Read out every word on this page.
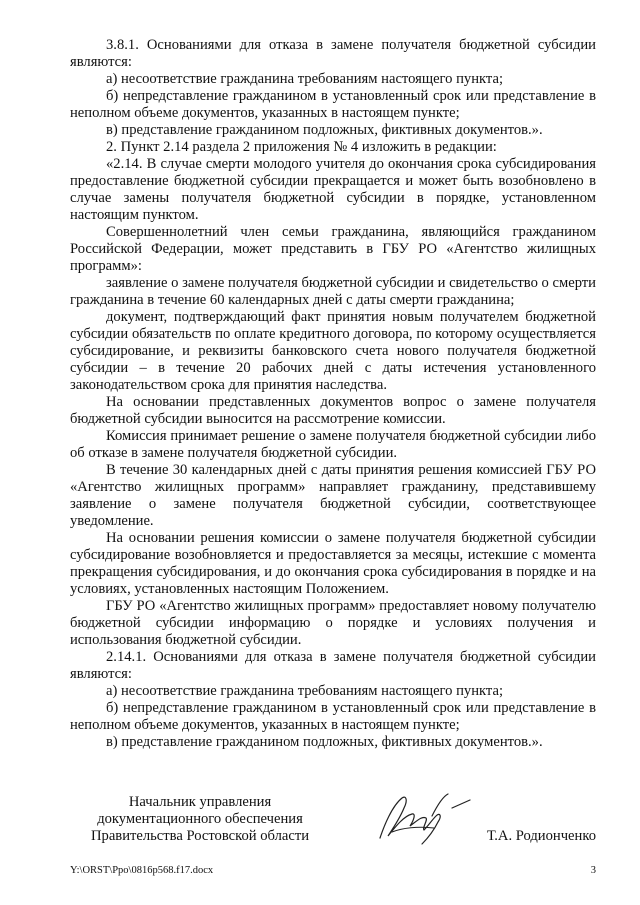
3.8.1. Основаниями для отказа в замене получателя бюджетной субсидии являются:

а) несоответствие гражданина требованиям настоящего пункта;

б) непредставление гражданином в установленный срок или представление в неполном объеме документов, указанных в настоящем пункте;

в) представление гражданином подложных, фиктивных документов.».

2. Пункт 2.14 раздела 2 приложения № 4 изложить в редакции:

«2.14. В случае смерти молодого учителя до окончания срока субсидирования предоставление бюджетной субсидии прекращается и может быть возобновлено в случае замены получателя бюджетной субсидии в порядке, установленном настоящим пунктом.

Совершеннолетний член семьи гражданина, являющийся гражданином Российской Федерации, может представить в ГБУ РО «Агентство жилищных программ»:

заявление о замене получателя бюджетной субсидии и свидетельство о смерти гражданина в течение 60 календарных дней с даты смерти гражданина;

документ, подтверждающий факт принятия новым получателем бюджетной субсидии обязательств по оплате кредитного договора, по которому осуществляется субсидирование, и реквизиты банковского счета нового получателя бюджетной субсидии – в течение 20 рабочих дней с даты истечения установленного законодательством срока для принятия наследства.

На основании представленных документов вопрос о замене получателя бюджетной субсидии выносится на рассмотрение комиссии.

Комиссия принимает решение о замене получателя бюджетной субсидии либо об отказе в замене получателя бюджетной субсидии.

В течение 30 календарных дней с даты принятия решения комиссией ГБУ РО «Агентство жилищных программ» направляет гражданину, представившему заявление о замене получателя бюджетной субсидии, соответствующее уведомление.

На основании решения комиссии о замене получателя бюджетной субсидии субсидирование возобновляется и предоставляется за месяцы, истекшие с момента прекращения субсидирования, и до окончания срока субсидирования в порядке и на условиях, установленных настоящим Положением.

ГБУ РО «Агентство жилищных программ» предоставляет новому получателю бюджетной субсидии информацию о порядке и условиях получения и использования бюджетной субсидии.

2.14.1. Основаниями для отказа в замене получателя бюджетной субсидии являются:

а) несоответствие гражданина требованиям настоящего пункта;

б) непредставление гражданином в установленный срок или представление в неполном объеме документов, указанных в настоящем пункте;

в) представление гражданином подложных, фиктивных документов.».

Начальник управления
документационного обеспечения
Правительства Ростовской области	Т.А. Родионченко
Y:\ORST\Ppo\0816p568.f17.docx	3
